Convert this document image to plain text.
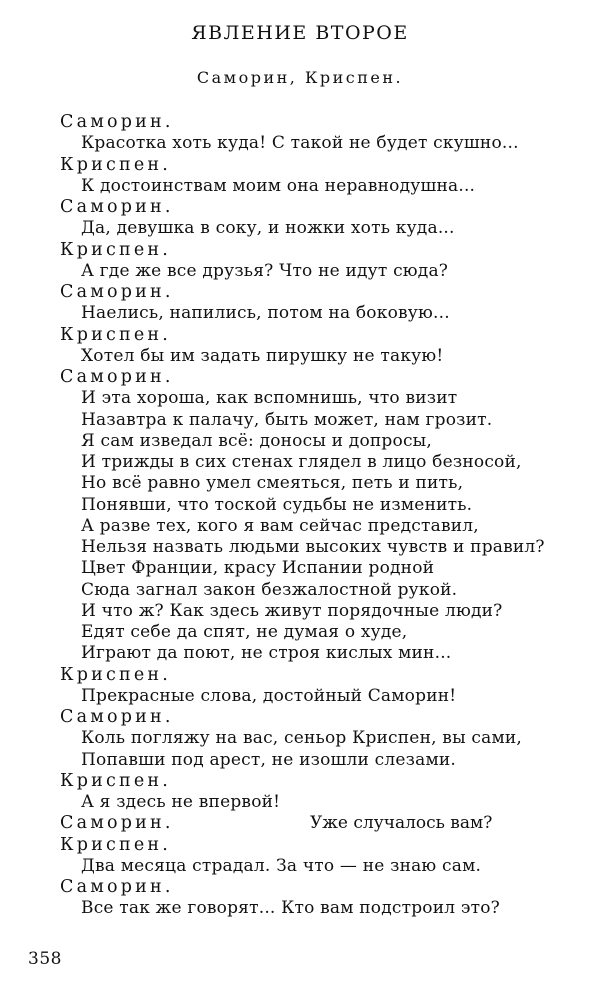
ЯВЛЕНИЕ ВТОРОЕ
Саморин, Криспен.
Саморин.
Красотка хоть куда! С такой не будет скушно...
Криспен.
К достоинствам моим она неравнодушна...
Саморин.
Да, девушка в соку, и ножки хоть куда...
Криспен.
А где же все друзья? Что не идут сюда?
Саморин.
Наелись, напились, потом на боковую...
Криспен.
Хотел бы им задать пирушку не такую!
Саморин.
И эта хороша, как вспомнишь, что визит
Назавтра к палачу, быть может, нам грозит.
Я сам изведал всё: доносы и допросы,
И трижды в сих стенах глядел в лицо безносой,
Но всё равно умел смеяться, петь и пить,
Понявши, что тоской судьбы не изменить.
А разве тех, кого я вам сейчас представил,
Нельзя назвать людьми высоких чувств и правил?
Цвет Франции, красу Испании родной
Сюда загнал закон безжалостной рукой.
И что ж? Как здесь живут порядочные люди?
Едят себе да спят, не думая о худе,
Играют да поют, не строя кислых мин...
Криспен.
Прекрасные слова, достойный Саморин!
Саморин.
Коль погляжу на вас, сеньор Криспен, вы сами,
Попавши под арест, не изошли слезами.
Криспен.
А я здесь не впервой!
Саморин.	Уже случалось вам?
Криспен.
Два месяца страдал. За что — не знаю сам.
Саморин.
Все так же говорят... Кто вам подстроил это?
358
